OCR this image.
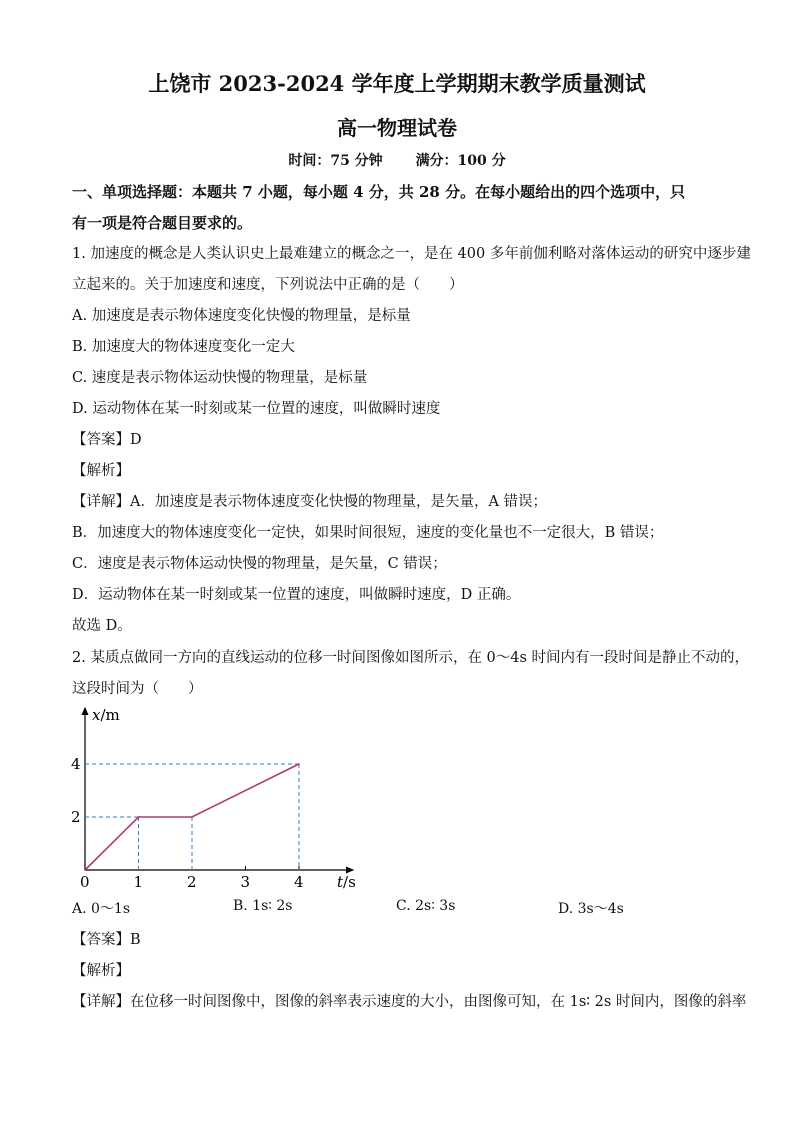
上饶市 2023-2024 学年度上学期期末教学质量测试
高一物理试卷
时间：75 分钟 满分：100 分
一、单项选择题：本题共 7 小题，每小题 4 分，共 28 分。在每小题给出的四个选项中，只
有一项是符合题目要求的。
1. 加速度的概念是人类认识史上最难建立的概念之一，是在 400 多年前伽利略对落体运动的研究中逐步建
立起来的。关于加速度和速度，下列说法中正确的是（　　）
A. 加速度是表示物体速度变化快慢的物理量，是标量
B. 加速度大的物体速度变化一定大
C. 速度是表示物体运动快慢的物理量，是标量
D. 运动物体在某一时刻或某一位置的速度，叫做瞬时速度
【答案】D
【解析】
【详解】A．加速度是表示物体速度变化快慢的物理量，是矢量，A 错误；
B．加速度大的物体速度变化一定快，如果时间很短，速度的变化量也不一定很大，B 错误；
C．速度是表示物体运动快慢的物理量，是矢量，C 错误；
D．运动物体在某一时刻或某一位置的速度，叫做瞬时速度，D 正确。
故选 D。
2. 某质点做同一方向的直线运动的位移一时间图像如图所示，在 0～4s 时间内有一段时间是静止不动的，
这段时间为（　　）
x/m
t/s
0	1	2	3	4
2
4
A. 0～1s	B. 1s∶ 2s	C. 2s∶ 3s	D. 3s～4s
【答案】B
【解析】
【详解】在位移一时间图像中，图像的斜率表示速度的大小，由图像可知，在 1s∶ 2s 时间内，图像的斜率
